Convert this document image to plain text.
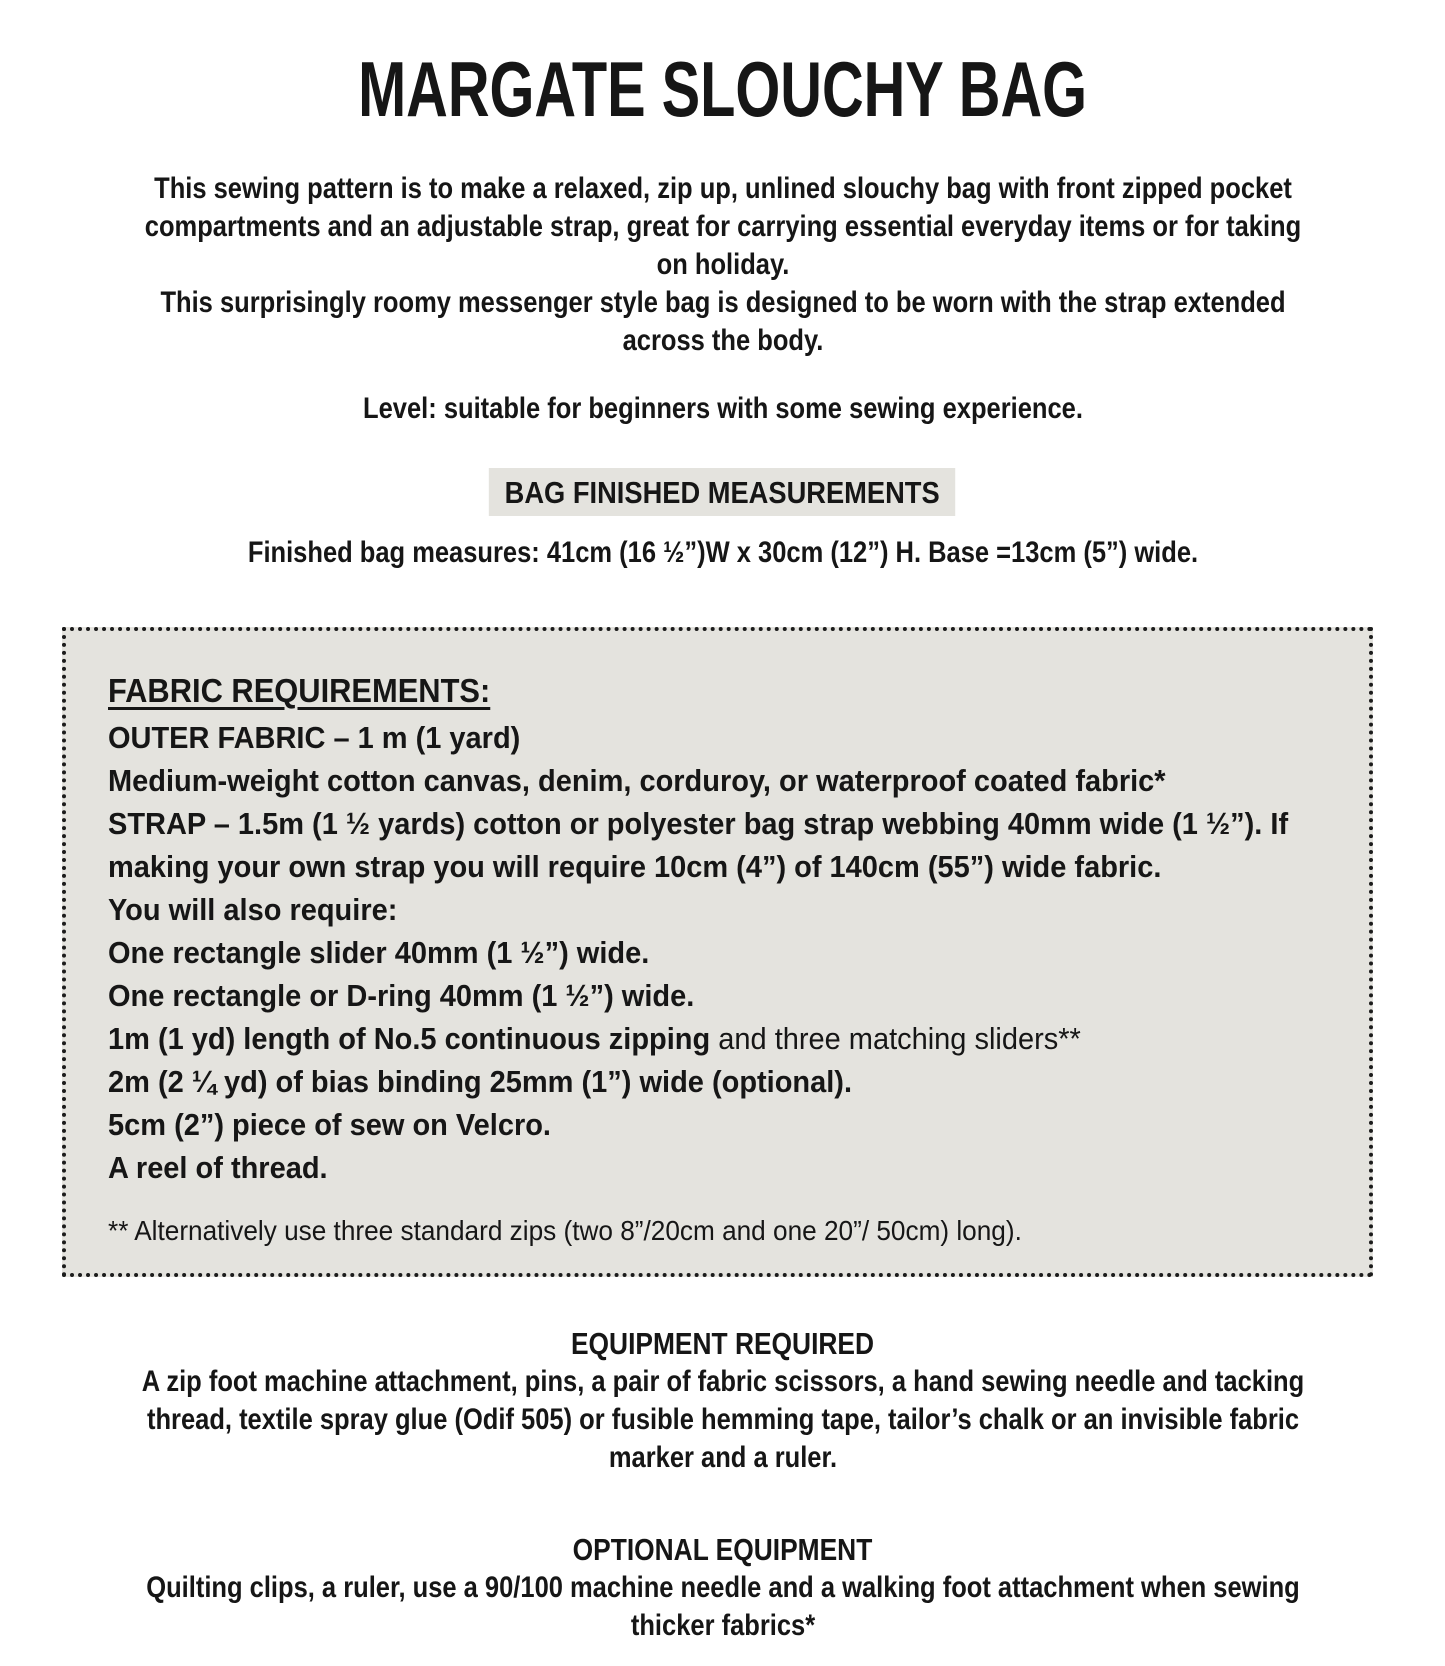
MARGATE SLOUCHY BAG

This sewing pattern is to make a relaxed, zip up, unlined slouchy bag with front zipped pocket compartments and an adjustable strap, great for carrying essential everyday items or for taking on holiday.

This surprisingly roomy messenger style bag is designed to be worn with the strap extended across the body.

Level: suitable for beginners with some sewing experience.

BAG FINISHED MEASUREMENTS

Finished bag measures: 41cm (16 ½”)W x 30cm (12”) H. Base =13cm (5”) wide.

FABRIC REQUIREMENTS:
OUTER FABRIC – 1 m (1 yard)
Medium-weight cotton canvas, denim, corduroy, or waterproof coated fabric*
STRAP – 1.5m (1 ½ yards) cotton or polyester bag strap webbing 40mm wide (1 ½”). If making your own strap you will require 10cm (4”) of 140cm (55”) wide fabric.
You will also require:
One rectangle slider 40mm (1 ½”) wide.
One rectangle or D-ring 40mm (1 ½”) wide.
1m (1 yd) length of No.5 continuous zipping and three matching sliders**
2m (2 ¼ yd) of bias binding 25mm (1”) wide (optional).
5cm (2”) piece of sew on Velcro.
A reel of thread.
** Alternatively use three standard zips (two 8”/20cm and one 20”/ 50cm) long).
EQUIPMENT REQUIRED

A zip foot machine attachment, pins, a pair of fabric scissors, a hand sewing needle and tacking thread, textile spray glue (Odif 505) or fusible hemming tape, tailor’s chalk or an invisible fabric marker and a ruler.

OPTIONAL EQUIPMENT

Quilting clips, a ruler, use a 90/100 machine needle and a walking foot attachment when sewing thicker fabrics*
